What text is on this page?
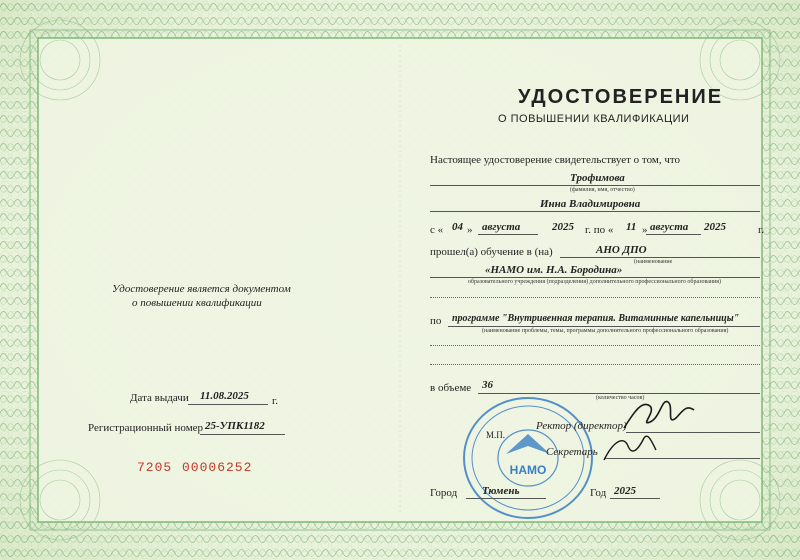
УДОСТОВЕРЕНИЕ
О ПОВЫШЕНИИ КВАЛИФИКАЦИИ
Удостоверение является документом
о повышении квалификации
Дата выдачи 11.08.2025 г.
Регистрационный номер 25-УПК1182
7205 00006252
Настоящее удостоверение свидетельствует о том, что
Трофимова
(фамилия, имя, отчество)
Инна Владимировна
с « 04 » августа	2025 г. по « 11 » августа 2025	г.
прошел(а) обучение в (на)	АНО ДПО
(наименование
«НАМО им. Н.А. Бородина»
образовательного учреждения (подразделения) дополнительного профессионального образования)
по программе "Внутривенная терапия. Витаминные капельницы"
(наименование проблемы, темы, программы дополнительного профессионального образования)
в объеме 36
(количество часов)
НАМО
М.П.
Ректор (директор)
Секретарь
Город Тюмень	Год 2025
